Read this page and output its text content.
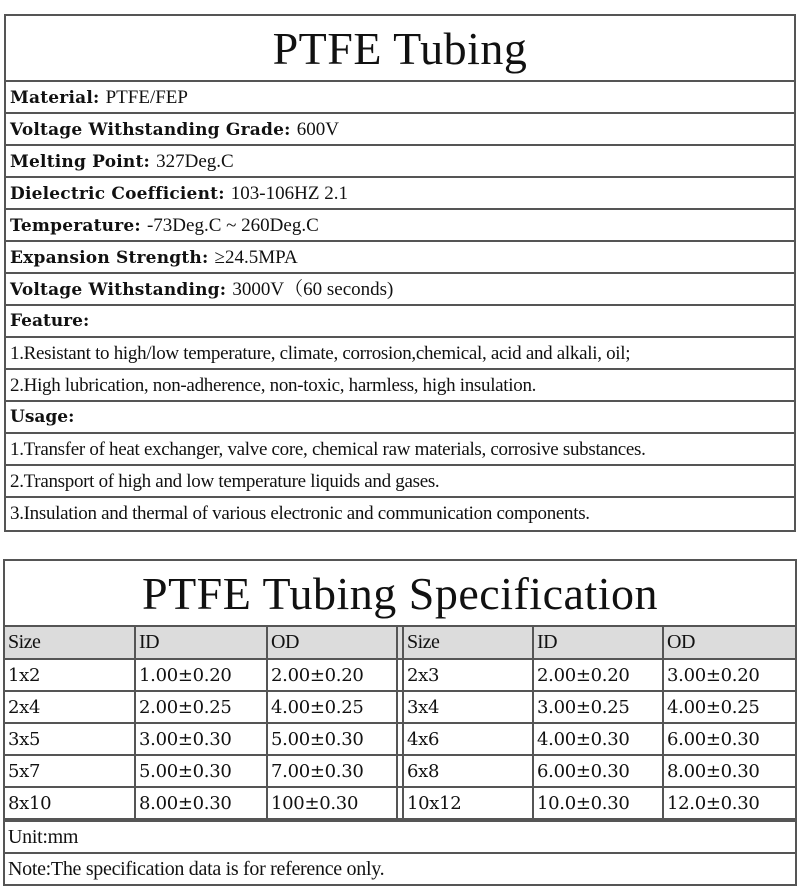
PTFE Tubing
Material: PTFE/FEP
Voltage Withstanding Grade: 600V
Melting Point: 327Deg.C
Dielectric Coefficient: 103-106HZ 2.1
Temperature: -73Deg.C ~ 260Deg.C
Expansion Strength: ≥24.5MPA
Voltage Withstanding: 3000V（60 seconds)
Feature:
1.Resistant to high/low temperature, climate, corrosion,chemical, acid and alkali, oil;
2.High lubrication, non-adherence, non-toxic, harmless, high insulation.
Usage:
1.Transfer of heat exchanger, valve core, chemical raw materials, corrosive substances.
2.Transport of high and low temperature liquids and gases.
3.Insulation and thermal of various electronic and communication components.
PTFE Tubing Specification
Size	ID	OD		Size	ID	OD
1x2	1.00±0.20	2.00±0.20		2x3	2.00±0.20	3.00±0.20
2x4	2.00±0.25	4.00±0.25		3x4	3.00±0.25	4.00±0.25
3x5	3.00±0.30	5.00±0.30		4x6	4.00±0.30	6.00±0.30
5x7	5.00±0.30	7.00±0.30		6x8	6.00±0.30	8.00±0.30
8x10	8.00±0.30	100±0.30		10x12	10.0±0.30	12.0±0.30
Unit:mm
Note:The specification data is for reference only.
